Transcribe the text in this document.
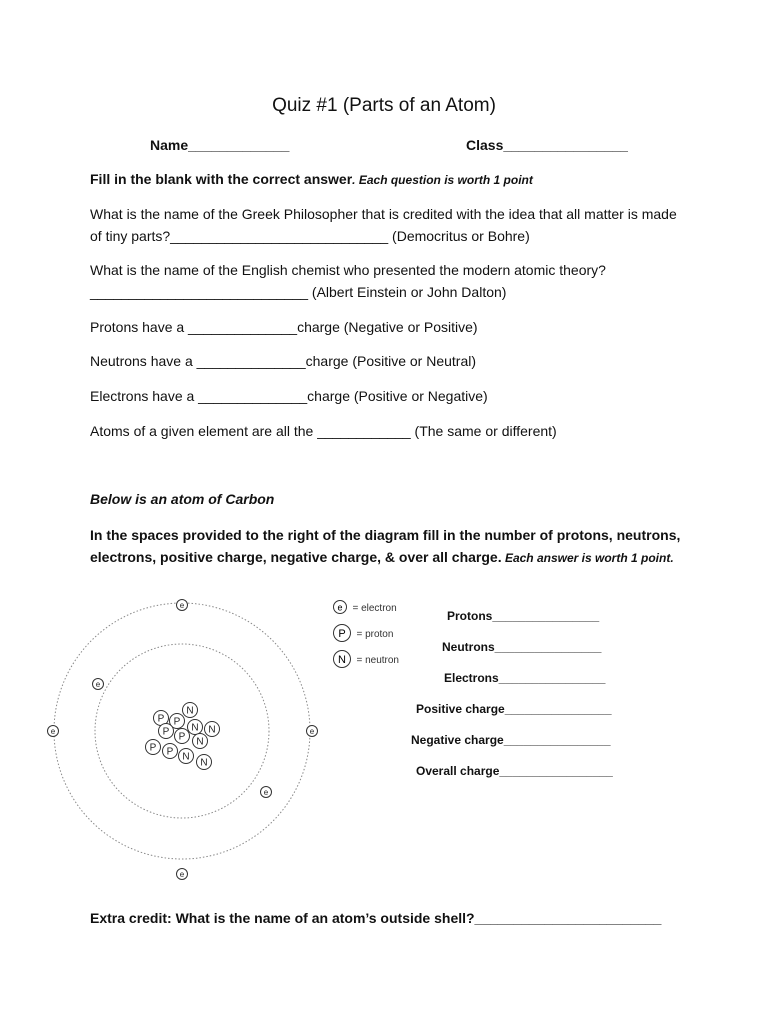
Quiz #1 (Parts of an Atom)
Name_____________	Class________________
Fill in the blank with the correct answer. Each question is worth 1 point
What is the name of the Greek Philosopher that is credited with the idea that all matter is made
of tiny parts?____________________________ (Democritus or Bohre)
What is the name of the English chemist who presented the modern atomic theory?
____________________________ (Albert Einstein or John Dalton)
Protons have a ______________charge (Negative or Positive)
Neutrons have a ______________charge (Positive or Neutral)
Electrons have a ______________charge (Positive or Negative)
Atoms of a given element are all the ____________ (The same or different)
Below is an atom of Carbon
In the spaces provided to the right of the diagram fill in the number of protons, neutrons,
electrons, positive charge, negative charge, & over all charge. Each answer is worth 1 point.
e
e
e	e
e
e
N
P P
N N
P P N
P P N
N
e = electron
P = proton
N = neutron
Protons________________
Neutrons________________
Electrons________________
Positive charge________________
Negative charge________________
Overall charge_________________
Extra credit: What is the name of an atom’s outside shell?________________________
